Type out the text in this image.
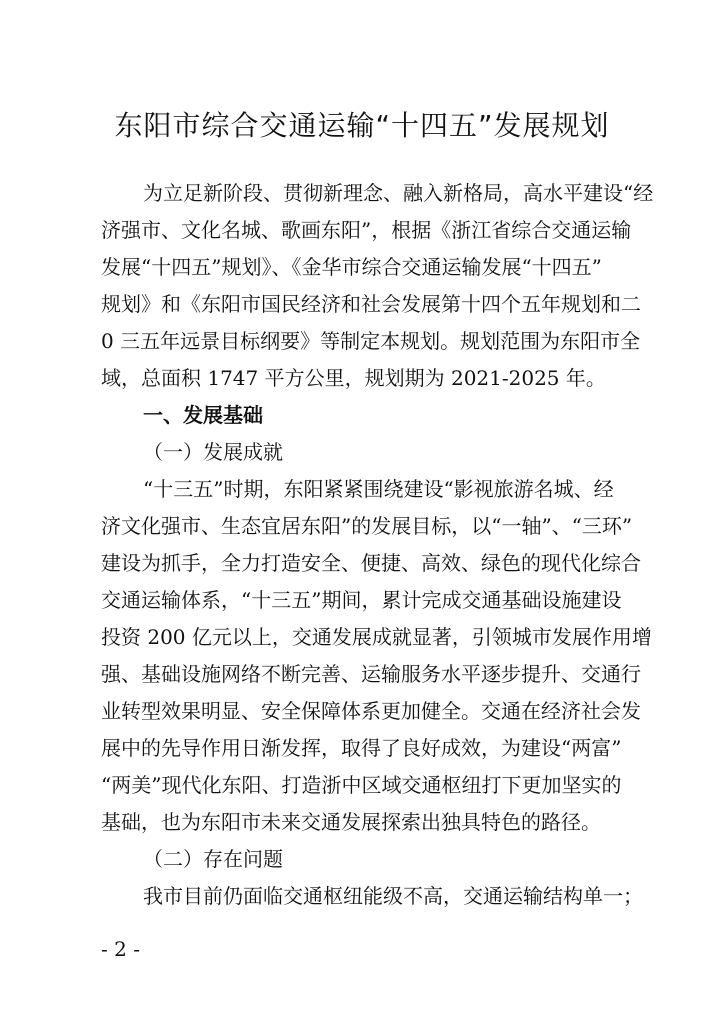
东阳市综合交通运输“十四五”发展规划
为立足新阶段、贯彻新理念、融入新格局，高水平建设“经
济强市、文化名城、歌画东阳”，根据《浙江省综合交通运输
发展“十四五”规划》、《金华市综合交通运输发展“十四五”
规划》和《东阳市国民经济和社会发展第十四个五年规划和二
0 三五年远景目标纲要》等制定本规划。规划范围为东阳市全
域，总面积 1747 平方公里，规划期为 2021-2025 年。
一、发展基础
（一）发展成就
“十三五”时期，东阳紧紧围绕建设“影视旅游名城、经
济文化强市、生态宜居东阳”的发展目标，以“一轴”、“三环”
建设为抓手，全力打造安全、便捷、高效、绿色的现代化综合
交通运输体系，“十三五”期间，累计完成交通基础设施建设
投资 200 亿元以上，交通发展成就显著，引领城市发展作用增
强、基础设施网络不断完善、运输服务水平逐步提升、交通行
业转型效果明显、安全保障体系更加健全。交通在经济社会发
展中的先导作用日渐发挥，取得了良好成效，为建设“两富”
“两美”现代化东阳、打造浙中区域交通枢纽打下更加坚实的
基础，也为东阳市未来交通发展探索出独具特色的路径。
（二）存在问题
我市目前仍面临交通枢纽能级不高，交通运输结构单一；
- 2 -
